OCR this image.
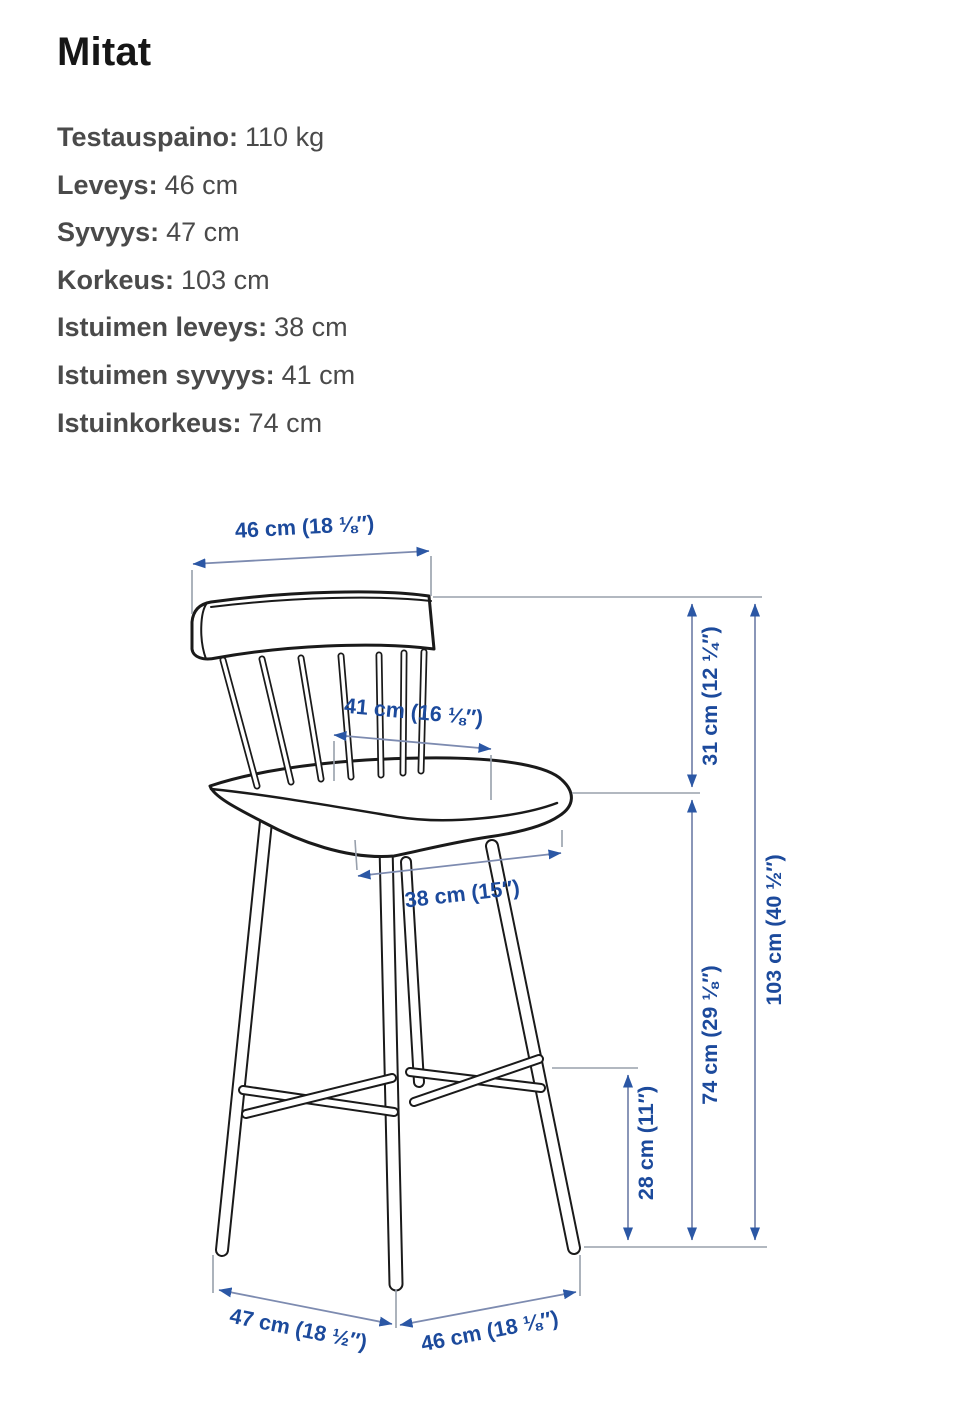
Mitat
Testauspaino: 110 kg
Leveys: 46 cm
Syvyys: 47 cm
Korkeus: 103 cm
Istuimen leveys: 38 cm
Istuimen syvyys: 41 cm
Istuinkorkeus: 74 cm
46 cm (18 ⅛″)
41 cm (16 ⅛″)
38 cm (15″)
31 cm (12 ¼″)
74 cm (29 ⅛″)
103 cm (40 ½″)
28 cm (11″)
47 cm (18 ½″) 46 cm (18 ⅛″)
